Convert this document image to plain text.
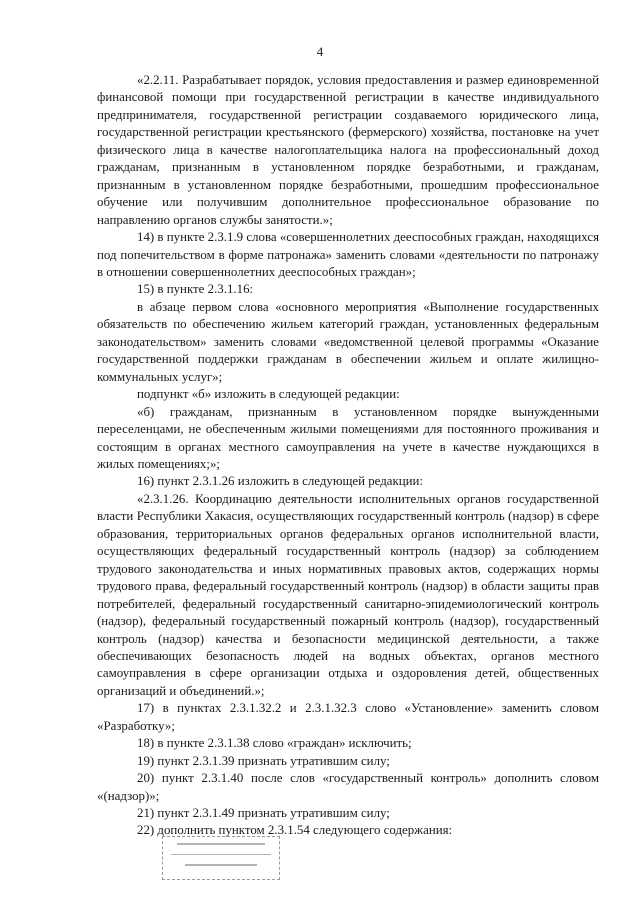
4

«2.2.11. Разрабатывает порядок, условия предоставления и размер единовременной финансовой помощи при государственной регистрации в качестве индивидуального предпринимателя, государственной регистрации создаваемого юридического лица, государственной регистрации крестьянского (фермерского) хозяйства, постановке на учет физического лица в качестве налогоплательщика налога на профессиональный доход гражданам, признанным в установленном порядке безработными, и гражданам, признанным в установленном порядке безработными, прошедшим профессиональное обучение или получившим дополнительное профессиональное образование по направлению органов службы занятости.»;

14) в пункте 2.3.1.9 слова «совершеннолетних дееспособных граждан, находящихся под попечительством в форме патронажа» заменить словами «деятельности по патронажу в отношении совершеннолетних дееспособных граждан»;

15) в пункте 2.3.1.16:

в абзаце первом слова «основного мероприятия «Выполнение государственных обязательств по обеспечению жильем категорий граждан, установленных федеральным законодательством» заменить словами «ведомственной целевой программы «Оказание государственной поддержки гражданам в обеспечении жильем и оплате жилищно-коммунальных услуг»;

подпункт «б» изложить в следующей редакции:

«б) гражданам, признанным в установленном порядке вынужденными переселенцами, не обеспеченным жилыми помещениями для постоянного проживания и состоящим в органах местного самоуправления на учете в качестве нуждающихся в жилых помещениях;»;

16) пункт 2.3.1.26 изложить в следующей редакции:

«2.3.1.26. Координацию деятельности исполнительных органов государственной власти Республики Хакасия, осуществляющих государственный контроль (надзор) в сфере образования, территориальных органов федеральных органов исполнительной власти, осуществляющих федеральный государственный контроль (надзор) за соблюдением трудового законодательства и иных нормативных правовых актов, содержащих нормы трудового права, федеральный государственный контроль (надзор) в области защиты прав потребителей, федеральный государственный санитарно-эпидемиологический контроль (надзор), федеральный государственный пожарный контроль (надзор), государственный контроль (надзор) качества и безопасности медицинской деятельности, а также обеспечивающих безопасность людей на водных объектах, органов местного самоуправления в сфере организации отдыха и оздоровления детей, общественных организаций и объединений.»;

17) в пунктах 2.3.1.32.2 и 2.3.1.32.3 слово «Установление» заменить словом «Разработку»;

18) в пункте 2.3.1.38 слово «граждан» исключить;

19) пункт 2.3.1.39 признать утратившим силу;

20) пункт 2.3.1.40 после слов «государственный контроль» дополнить словом «(надзор)»;

21) пункт 2.3.1.49 признать утратившим силу;

22) дополнить пунктом 2.3.1.54 следующего содержания:
